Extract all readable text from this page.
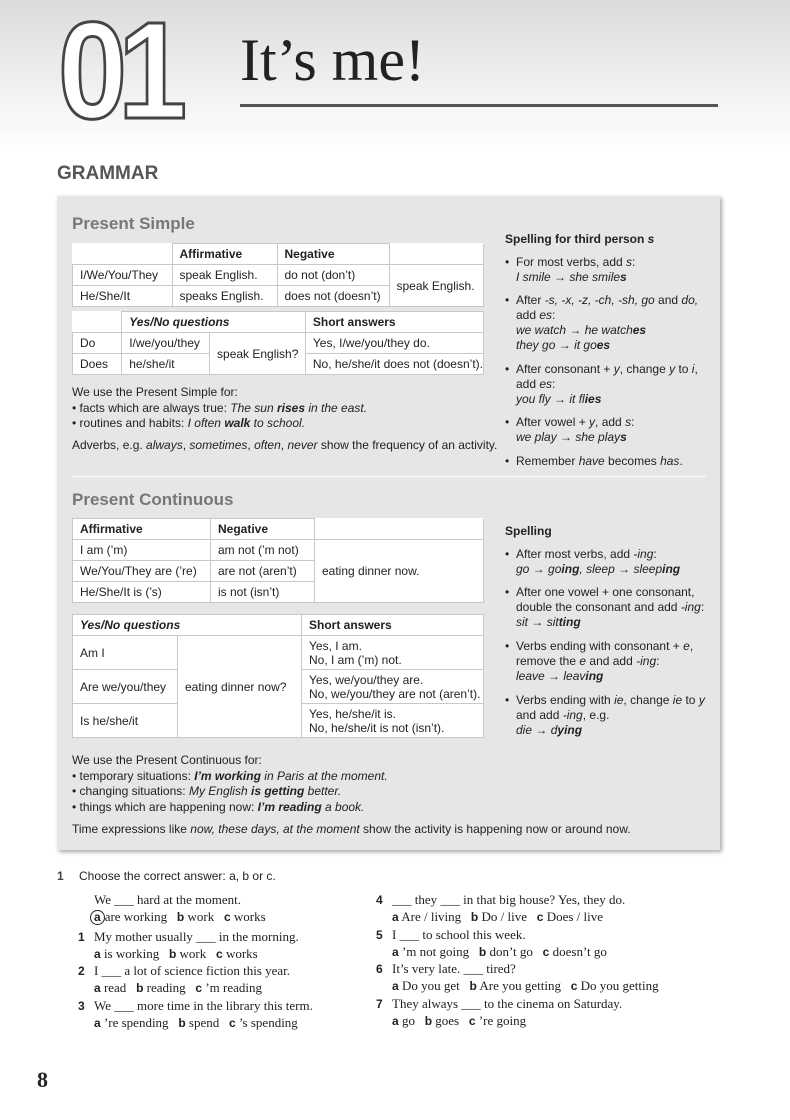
01 It’s me!
GRAMMAR
Present Simple
	Affirmative	Negative	
I/We/You/They	speak English.	do not (don’t)	speak English.
He/She/It	speaks English.	does not (doesn’t)	
	Yes/No questions		Short answers
Do	I/we/you/they	speak English?	Yes, I/we/you/they do.
Does	he/she/it		No, he/she/it does not (doesn’t).
We use the Present Simple for:
• facts which are always true: The sun rises in the east.
• routines and habits: I often walk to school.
Adverbs, e.g. always, sometimes, often, never show the frequency of an activity.
Spelling for third person s
• For most verbs, add s:
I smile → she smiles
• After -s, -x, -z, -ch, -sh, go and do,
add es:
we watch → he watches
they go → it goes
• After consonant + y, change y to i,
add es:
you fly → it flies
• After vowel + y, add s:
we play → she plays
• Remember have becomes has.
Present Continuous
Affirmative	Negative	
I am (’m)	am not (’m not)	eating dinner now.
We/You/They are (’re)	are not (aren’t)	
He/She/It is (’s)	is not (isn’t)	
Yes/No questions		Short answers
Am I	eating dinner now?	Yes, I am.
No, I am (’m) not.

Are we/you/they		Yes, we/you/they are.
No, we/you/they are not (aren’t).

Is he/she/it		Yes, he/she/it is.
No, he/she/it is not (isn’t).
We use the Present Continuous for:
• temporary situations: I’m working in Paris at the moment.
• changing situations: My English is getting better.
• things which are happening now: I’m reading a book.
Time expressions like now, these days, at the moment show the activity is happening now or around now.
Spelling
• After most verbs, add -ing:
go → going, sleep → sleeping
• After one vowel + one consonant,
double the consonant and add -ing:
sit → sitting
• Verbs ending with consonant + e,
remove the e and add -ing:
leave → leaving
• Verbs ending with ie, change ie to y
and add -ing, e.g.
die → dying
1 Choose the correct answer: a, b or c.
We ___ hard at the moment.
a are working b work c works
1 My mother usually ___ in the morning.
a is working b work c works
2 I ___ a lot of science fiction this year.
a read b reading c ’m reading
3 We ___ more time in the library this term.
a ’re spending b spend c ’s spending
4 ___ they ___ in that big house? Yes, they do.
a Are / living b Do / live c Does / live
5 I ___ to school this week.
a ’m not going b don’t go c doesn’t go
6 It’s very late. ___ tired?
a Do you get b Are you getting c Do you getting
7 They always ___ to the cinema on Saturday.
a go b goes c ’re going
8
